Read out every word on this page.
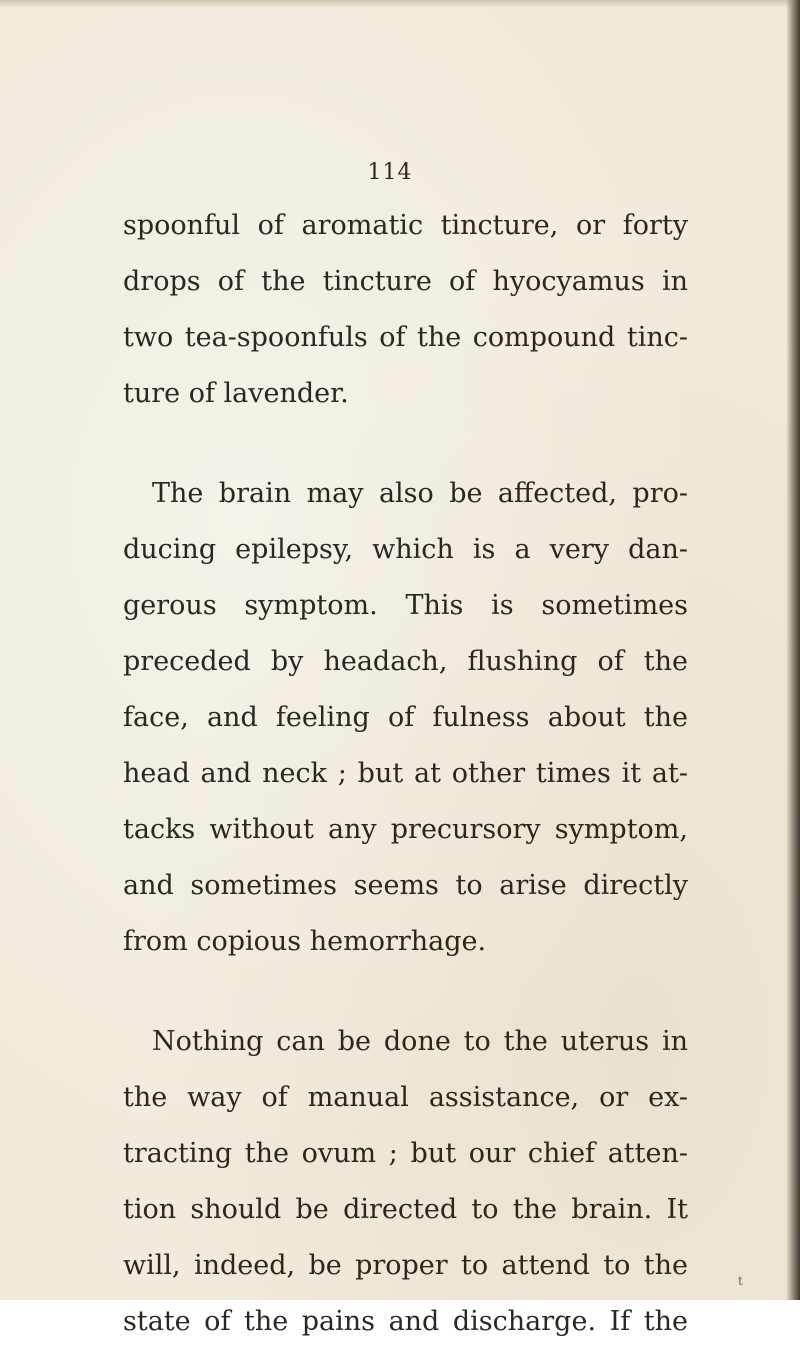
114
spoonful of aromatic tincture, or forty
drops of the tincture of hyocyamus in
two tea-spoonfuls of the compound tinc-
ture of lavender.
The brain may also be affected, pro-
ducing epilepsy, which is a very dan-
gerous symptom. This is sometimes
preceded by headach, flushing of the
face, and feeling of fulness about the
head and neck ; but at other times it at-
tacks without any precursory symptom,
and sometimes seems to arise directly
from copious hemorrhage.
Nothing can be done to the uterus in
the way of manual assistance, or ex-
tracting the ovum ; but our chief atten-
tion should be directed to the brain. It
will, indeed, be proper to attend to the
state of the pains and discharge. If the
t
